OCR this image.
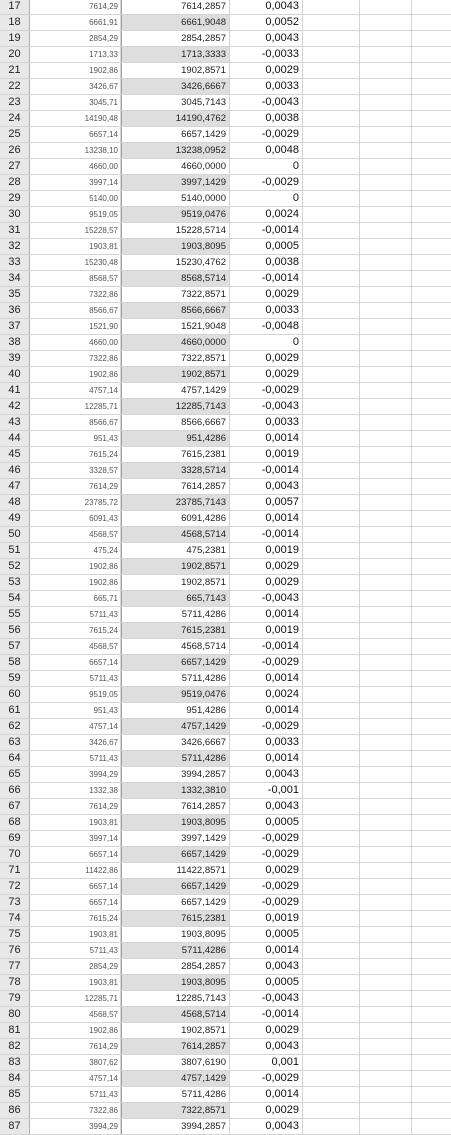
17	7614,29	7614,2857	0,0043
18	6661,91	6661,9048	0,0052
19	2854,29	2854,2857	0,0043
20	1713,33	1713,3333	-0,0033
21	1902,86	1902,8571	0,0029
22	3426,67	3426,6667	0,0033
23	3045,71	3045,7143	-0,0043
24	14190,48	14190,4762	0,0038
25	6657,14	6657,1429	-0,0029
26	13238,10	13238,0952	0,0048
27	4660,00	4660,0000	0
28	3997,14	3997,1429	-0,0029
29	5140,00	5140,0000	0
30	9519,05	9519,0476	0,0024
31	15228,57	15228,5714	-0,0014
32	1903,81	1903,8095	0,0005
33	15230,48	15230,4762	0,0038
34	8568,57	8568,5714	-0,0014
35	7322,86	7322,8571	0,0029
36	8566,67	8566,6667	0,0033
37	1521,90	1521,9048	-0,0048
38	4660,00	4660,0000	0
39	7322,86	7322,8571	0,0029
40	1902,86	1902,8571	0,0029
41	4757,14	4757,1429	-0,0029
42	12285,71	12285,7143	-0,0043
43	8566,67	8566,6667	0,0033
44	951,43	951,4286	0,0014
45	7615,24	7615,2381	0,0019
46	3328,57	3328,5714	-0,0014
47	7614,29	7614,2857	0,0043
48	23785,72	23785,7143	0,0057
49	6091,43	6091,4286	0,0014
50	4568,57	4568,5714	-0,0014
51	475,24	475,2381	0,0019
52	1902,86	1902,8571	0,0029
53	1902,86	1902,8571	0,0029
54	665,71	665,7143	-0,0043
55	5711,43	5711,4286	0,0014
56	7615,24	7615,2381	0,0019
57	4568,57	4568,5714	-0,0014
58	6657,14	6657,1429	-0,0029
59	5711,43	5711,4286	0,0014
60	9519,05	9519,0476	0,0024
61	951,43	951,4286	0,0014
62	4757,14	4757,1429	-0,0029
63	3426,67	3426,6667	0,0033
64	5711,43	5711,4286	0,0014
65	3994,29	3994,2857	0,0043
66	1332,38	1332,3810	-0,001
67	7614,29	7614,2857	0,0043
68	1903,81	1903,8095	0,0005
69	3997,14	3997,1429	-0,0029
70	6657,14	6657,1429	-0,0029
71	11422,86	11422,8571	0,0029
72	6657,14	6657,1429	-0,0029
73	6657,14	6657,1429	-0,0029
74	7615,24	7615,2381	0,0019
75	1903,81	1903,8095	0,0005
76	5711,43	5711,4286	0,0014
77	2854,29	2854,2857	0,0043
78	1903,81	1903,8095	0,0005
79	12285,71	12285,7143	-0,0043
80	4568,57	4568,5714	-0,0014
81	1902,86	1902,8571	0,0029
82	7614,29	7614,2857	0,0043
83	3807,62	3807,6190	0,001
84	4757,14	4757,1429	-0,0029
85	5711,43	5711,4286	0,0014
86	7322,86	7322,8571	0,0029
87	3994,29	3994,2857	0,0043
